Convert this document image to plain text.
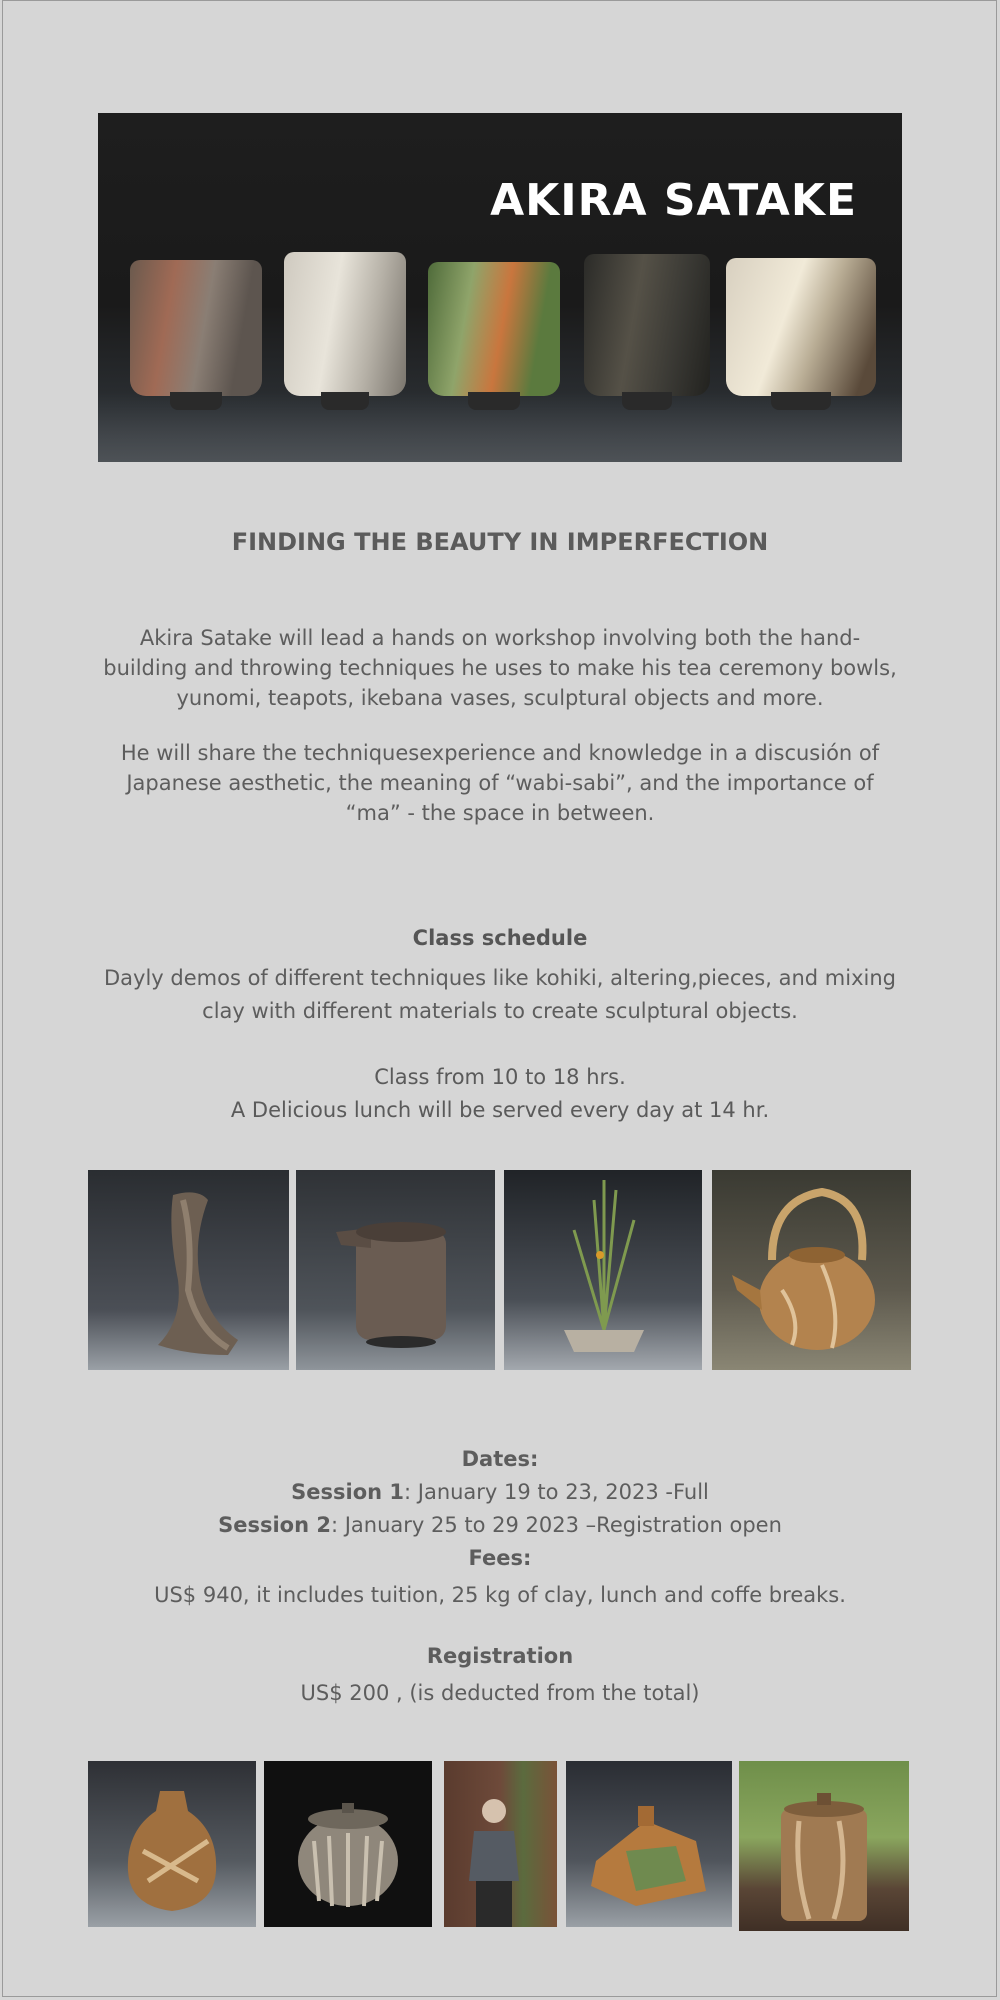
AKIRA SATAKE
FINDING THE BEAUTY IN IMPERFECTION
Akira Satake will lead a hands on workshop involving both the hand-building and throwing techniques he uses to make his tea ceremony bowls, yunomi, teapots, ikebana vases, sculptural objects and more.
He will share the techniquesexperience and knowledge in a discusión of Japanese aesthetic, the meaning of “wabi-sabi”, and the importance of “ma” - the space in between.
Class schedule
Dayly demos of different techniques like kohiki, altering,pieces, and mixing clay with different materials to create sculptural objects.
Class from 10 to 18 hrs.
A Delicious lunch will be served every day at 14 hr.
Dates:
Session 1: January 19 to 23, 2023 -Full
Session 2: January 25 to 29 2023 –Registration open
Fees:
US$ 940, it includes tuition, 25 kg of clay, lunch and coffe breaks.
Registration
US$ 200 , (is deducted from the total)
